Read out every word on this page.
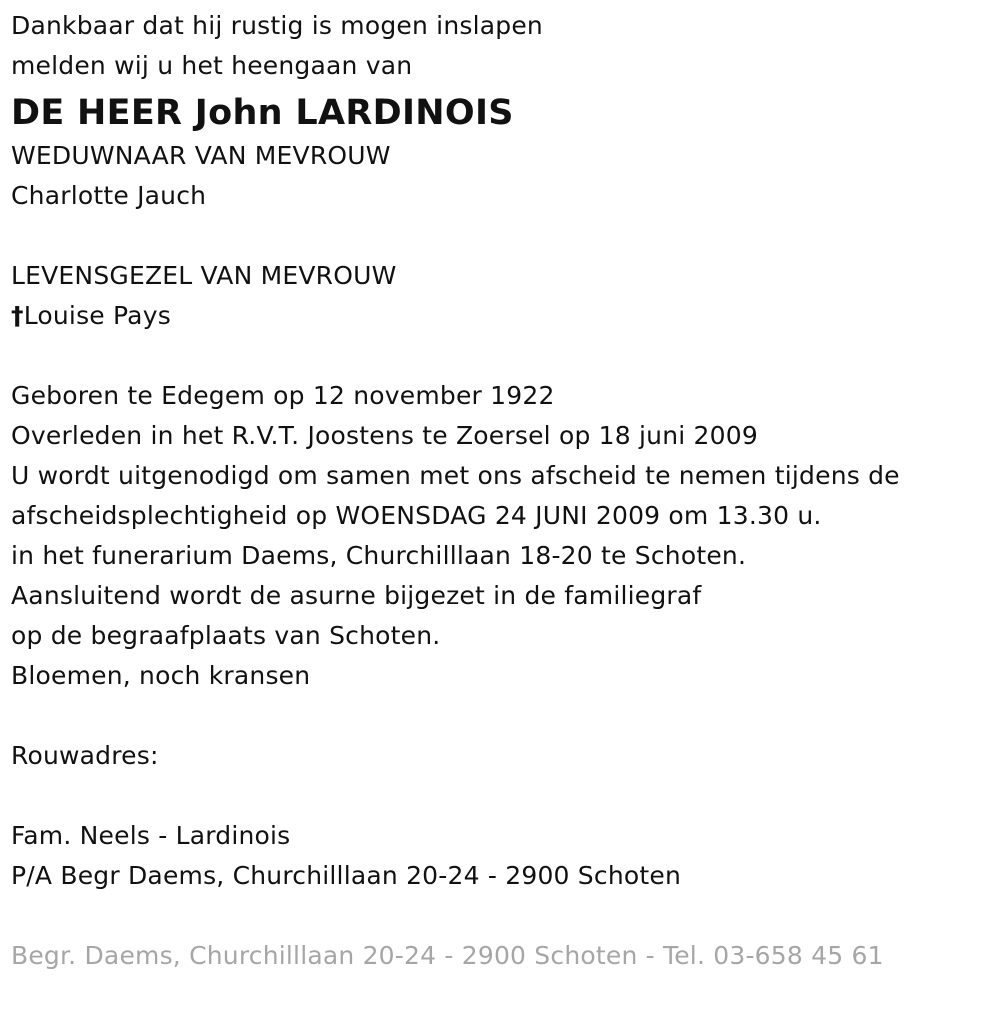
Dankbaar dat hij rustig is mogen inslapen
melden wij u het heengaan van
DE HEER John LARDINOIS
WEDUWNAAR VAN MEVROUW
Charlotte Jauch
LEVENSGEZEL VAN MEVROUW
†Louise Pays
Geboren te Edegem op 12 november 1922
Overleden in het R.V.T. Joostens te Zoersel op 18 juni 2009
U wordt uitgenodigd om samen met ons afscheid te nemen tijdens de
afscheidsplechtigheid op WOENSDAG 24 JUNI 2009 om 13.30 u.
in het funerarium Daems, Churchilllaan 18-20 te Schoten.
Aansluitend wordt de asurne bijgezet in de familiegraf
op de begraafplaats van Schoten.
Bloemen, noch kransen
Rouwadres:
Fam. Neels - Lardinois
P/A Begr Daems, Churchilllaan 20-24 - 2900 Schoten
Begr. Daems, Churchilllaan 20-24 - 2900 Schoten - Tel. 03-658 45 61
